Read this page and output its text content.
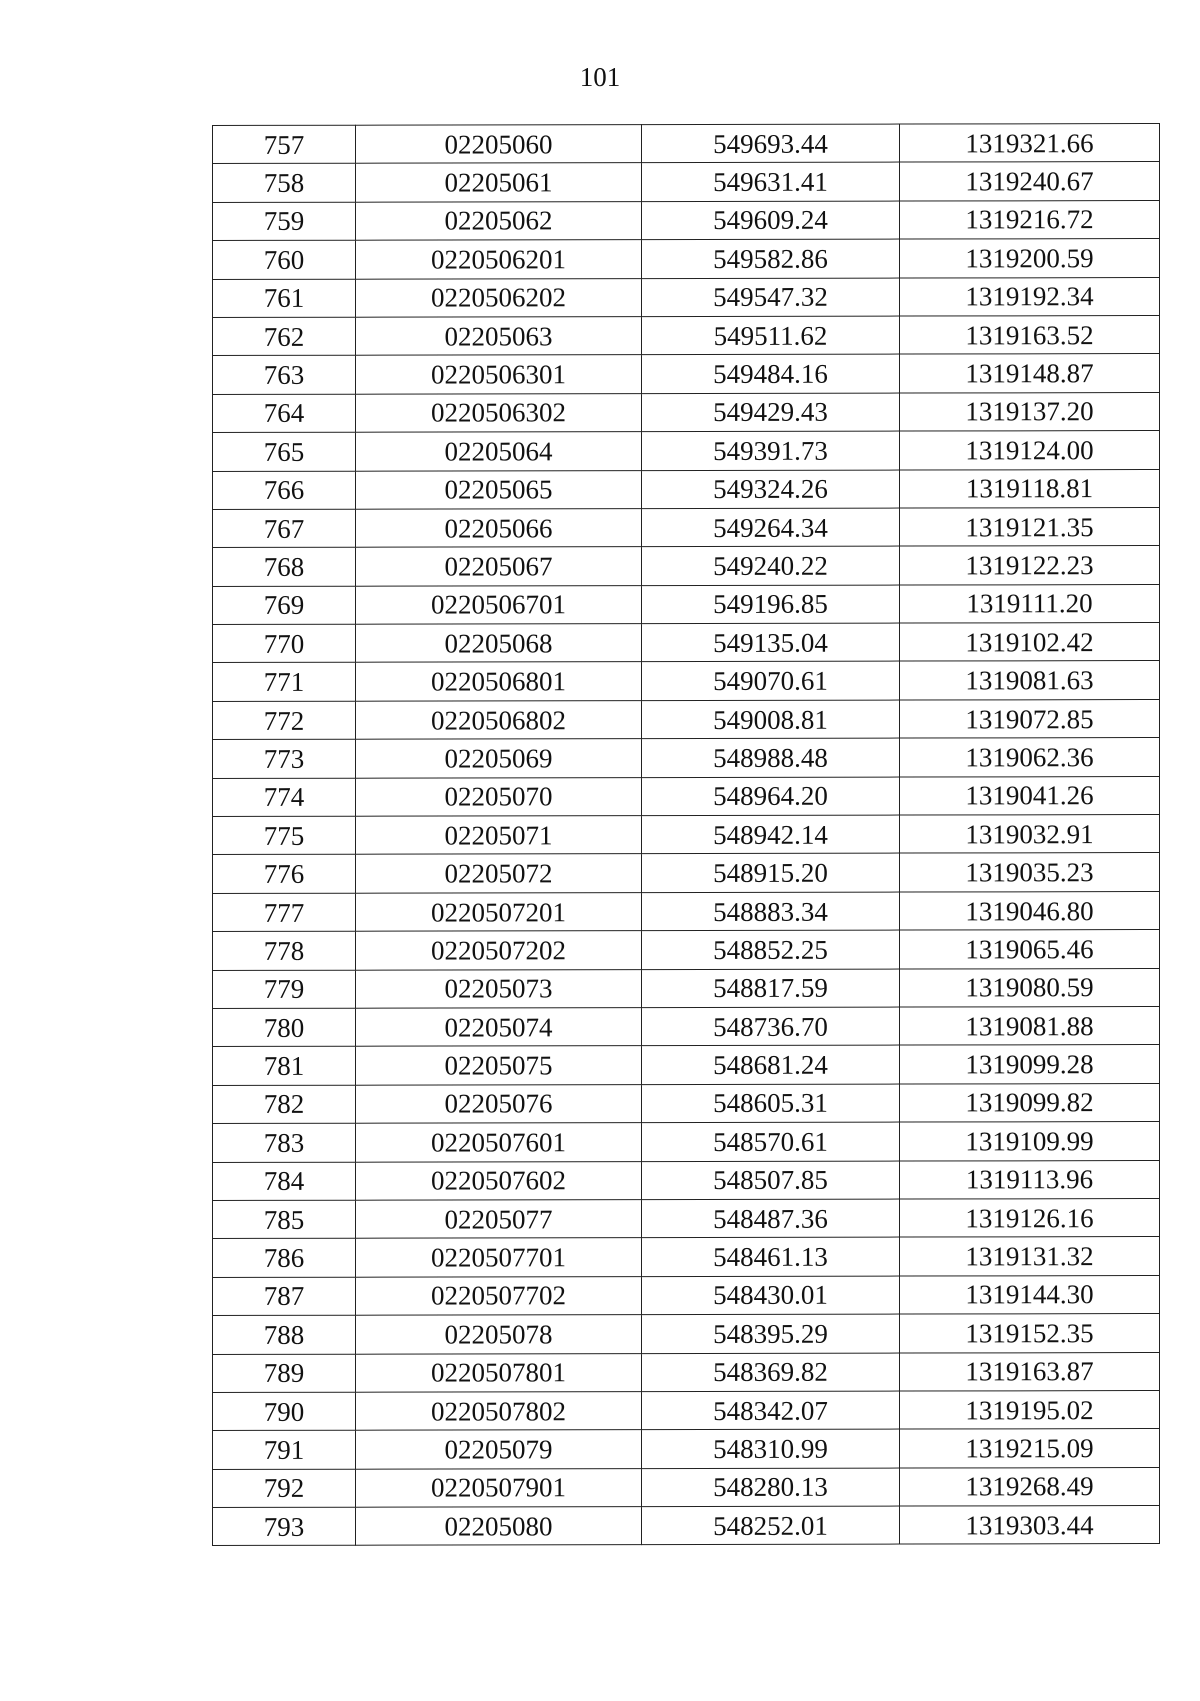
101
757	02205060	549693.44	1319321.66
758	02205061	549631.41	1319240.67
759	02205062	549609.24	1319216.72
760	0220506201	549582.86	1319200.59
761	0220506202	549547.32	1319192.34
762	02205063	549511.62	1319163.52
763	0220506301	549484.16	1319148.87
764	0220506302	549429.43	1319137.20
765	02205064	549391.73	1319124.00
766	02205065	549324.26	1319118.81
767	02205066	549264.34	1319121.35
768	02205067	549240.22	1319122.23
769	0220506701	549196.85	1319111.20
770	02205068	549135.04	1319102.42
771	0220506801	549070.61	1319081.63
772	0220506802	549008.81	1319072.85
773	02205069	548988.48	1319062.36
774	02205070	548964.20	1319041.26
775	02205071	548942.14	1319032.91
776	02205072	548915.20	1319035.23
777	0220507201	548883.34	1319046.80
778	0220507202	548852.25	1319065.46
779	02205073	548817.59	1319080.59
780	02205074	548736.70	1319081.88
781	02205075	548681.24	1319099.28
782	02205076	548605.31	1319099.82
783	0220507601	548570.61	1319109.99
784	0220507602	548507.85	1319113.96
785	02205077	548487.36	1319126.16
786	0220507701	548461.13	1319131.32
787	0220507702	548430.01	1319144.30
788	02205078	548395.29	1319152.35
789	0220507801	548369.82	1319163.87
790	0220507802	548342.07	1319195.02
791	02205079	548310.99	1319215.09
792	0220507901	548280.13	1319268.49
793	02205080	548252.01	1319303.44
